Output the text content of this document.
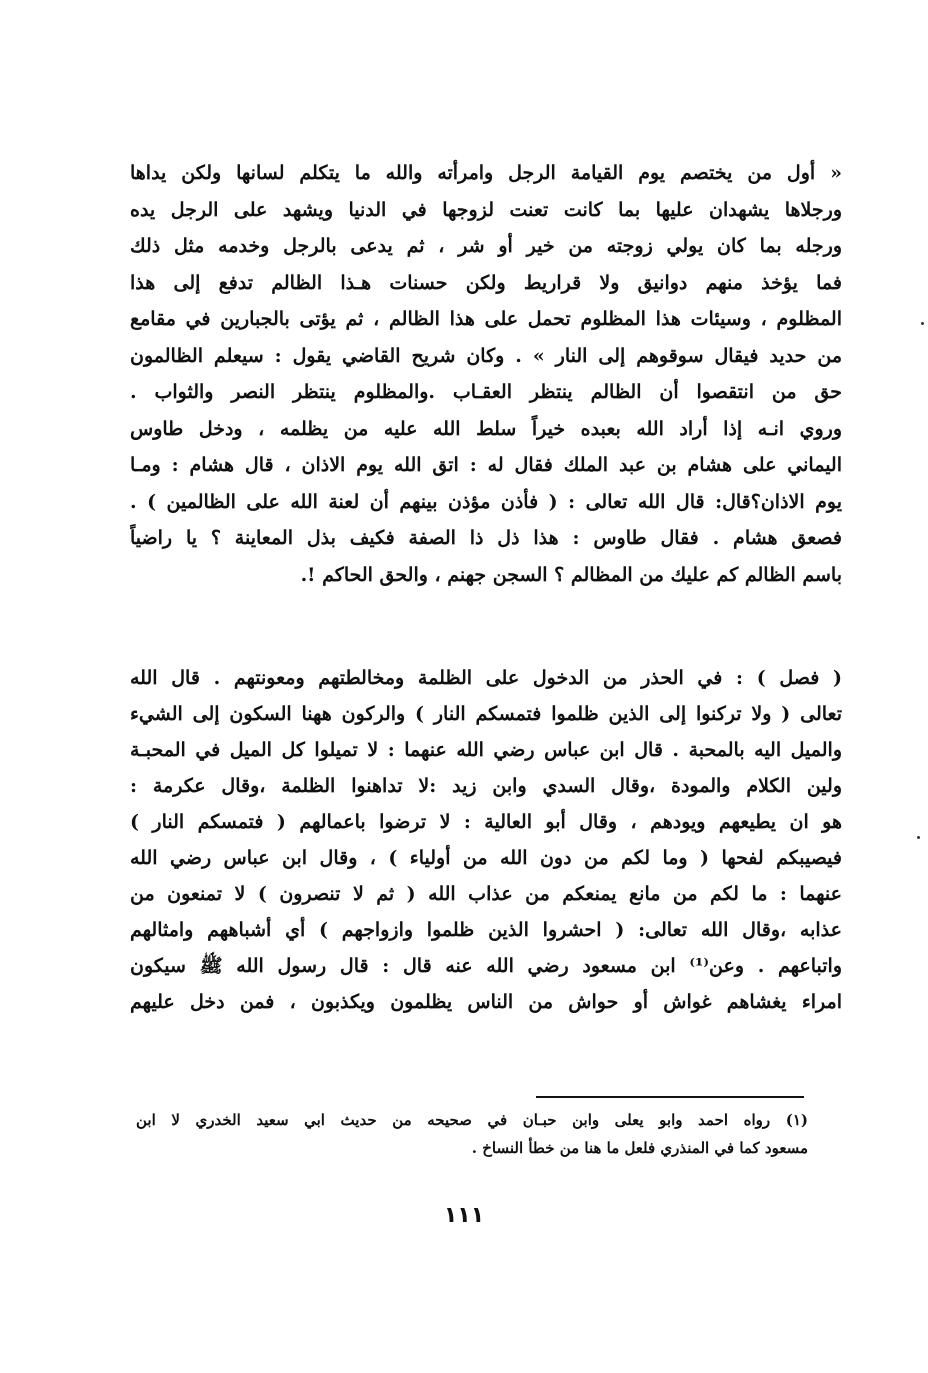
« أول من يختصم يوم القيامة الرجل وامرأته والله ما يتكلم لسانها ولكن يداها
ورجلاها يشهدان عليها بما كانت تعنت لزوجها في الدنيا ويشهد على الرجل يده
ورجله بما كان يولي زوجته من خير أو شر ، ثم يدعى بالرجل وخدمه مثل ذلك
فما يؤخذ منهم دوانيق ولا قراريط ولكن حسنات هـذا الظالم تدفع إلى هذا
المظلوم ، وسيئات هذا المظلوم تحمل على هذا الظالم ، ثم يؤتى بالجبارين في مقامع
من حديد فيقال سوقوهم إلى النار » . وكان شريح القاضي يقول : سيعلم الظالمون
حق من انتقصوا أن الظالم ينتظر العقـاب .والمظلوم ينتظر النصر والثواب .
وروي انـه إذا أراد الله بعبده خيراً سلط الله عليه من يظلمه ، ودخل طاوس
اليماني على هشام بن عبد الملك فقال له : اتق الله يوم الاذان ، قال هشام : ومـا
يوم الاذان؟قال: قال الله تعالى : ( فأذن مؤذن بينهم أن لعنة الله على الظالمين ) .
فصعق هشام . فقال طاوس : هذا ذل ذا الصفة فكيف بذل المعاينة ؟ يا راضياً
باسم الظالم كم عليك من المظالم ؟ السجن جهنم ، والحق الحاكم !.
( فصل ) : في الحذر من الدخول على الظلمة ومخالطتهم ومعونتهم . قال الله
تعالى ( ولا تركنوا إلى الذين ظلموا فتمسكم النار ) والركون ههنا السكون إلى الشيء
والميل اليه بالمحبة . قال ابن عباس رضي الله عنهما : لا تميلوا كل الميل في المحبـة
ولين الكلام والمودة ،وقال السدي وابن زيد :لا تداهنوا الظلمة ،وقال عكرمة :
هو ان يطيعهم ويودهم ، وقال أبو العالية : لا ترضوا باعمالهم ( فتمسكم النار )
فيصيبكم لفحها ( وما لكم من دون الله من أولياء ) ، وقال ابن عباس رضي الله
عنهما : ما لكم من مانع يمنعكم من عذاب الله ( ثم لا تنصرون ) لا تمنعون من
عذابه ،وقال الله تعالى: ( احشروا الذين ظلموا وازواجهم ) أي أشباههم وامثالهم
واتباعهم . وعن⁽¹⁾ ابن مسعود رضي الله عنه قال : قال رسول الله ﷺ سيكون
امراء يغشاهم غواش أو حواش من الناس يظلمون ويكذبون ، فمن دخل عليهم
(١) رواه احمد وابو يعلى وابن حبـان في صحيحه من حديث ابي سعيد الخدري لا ابن
مسعود كما في المنذري فلعل ما هنا من خطأ النساخ .
١١١
